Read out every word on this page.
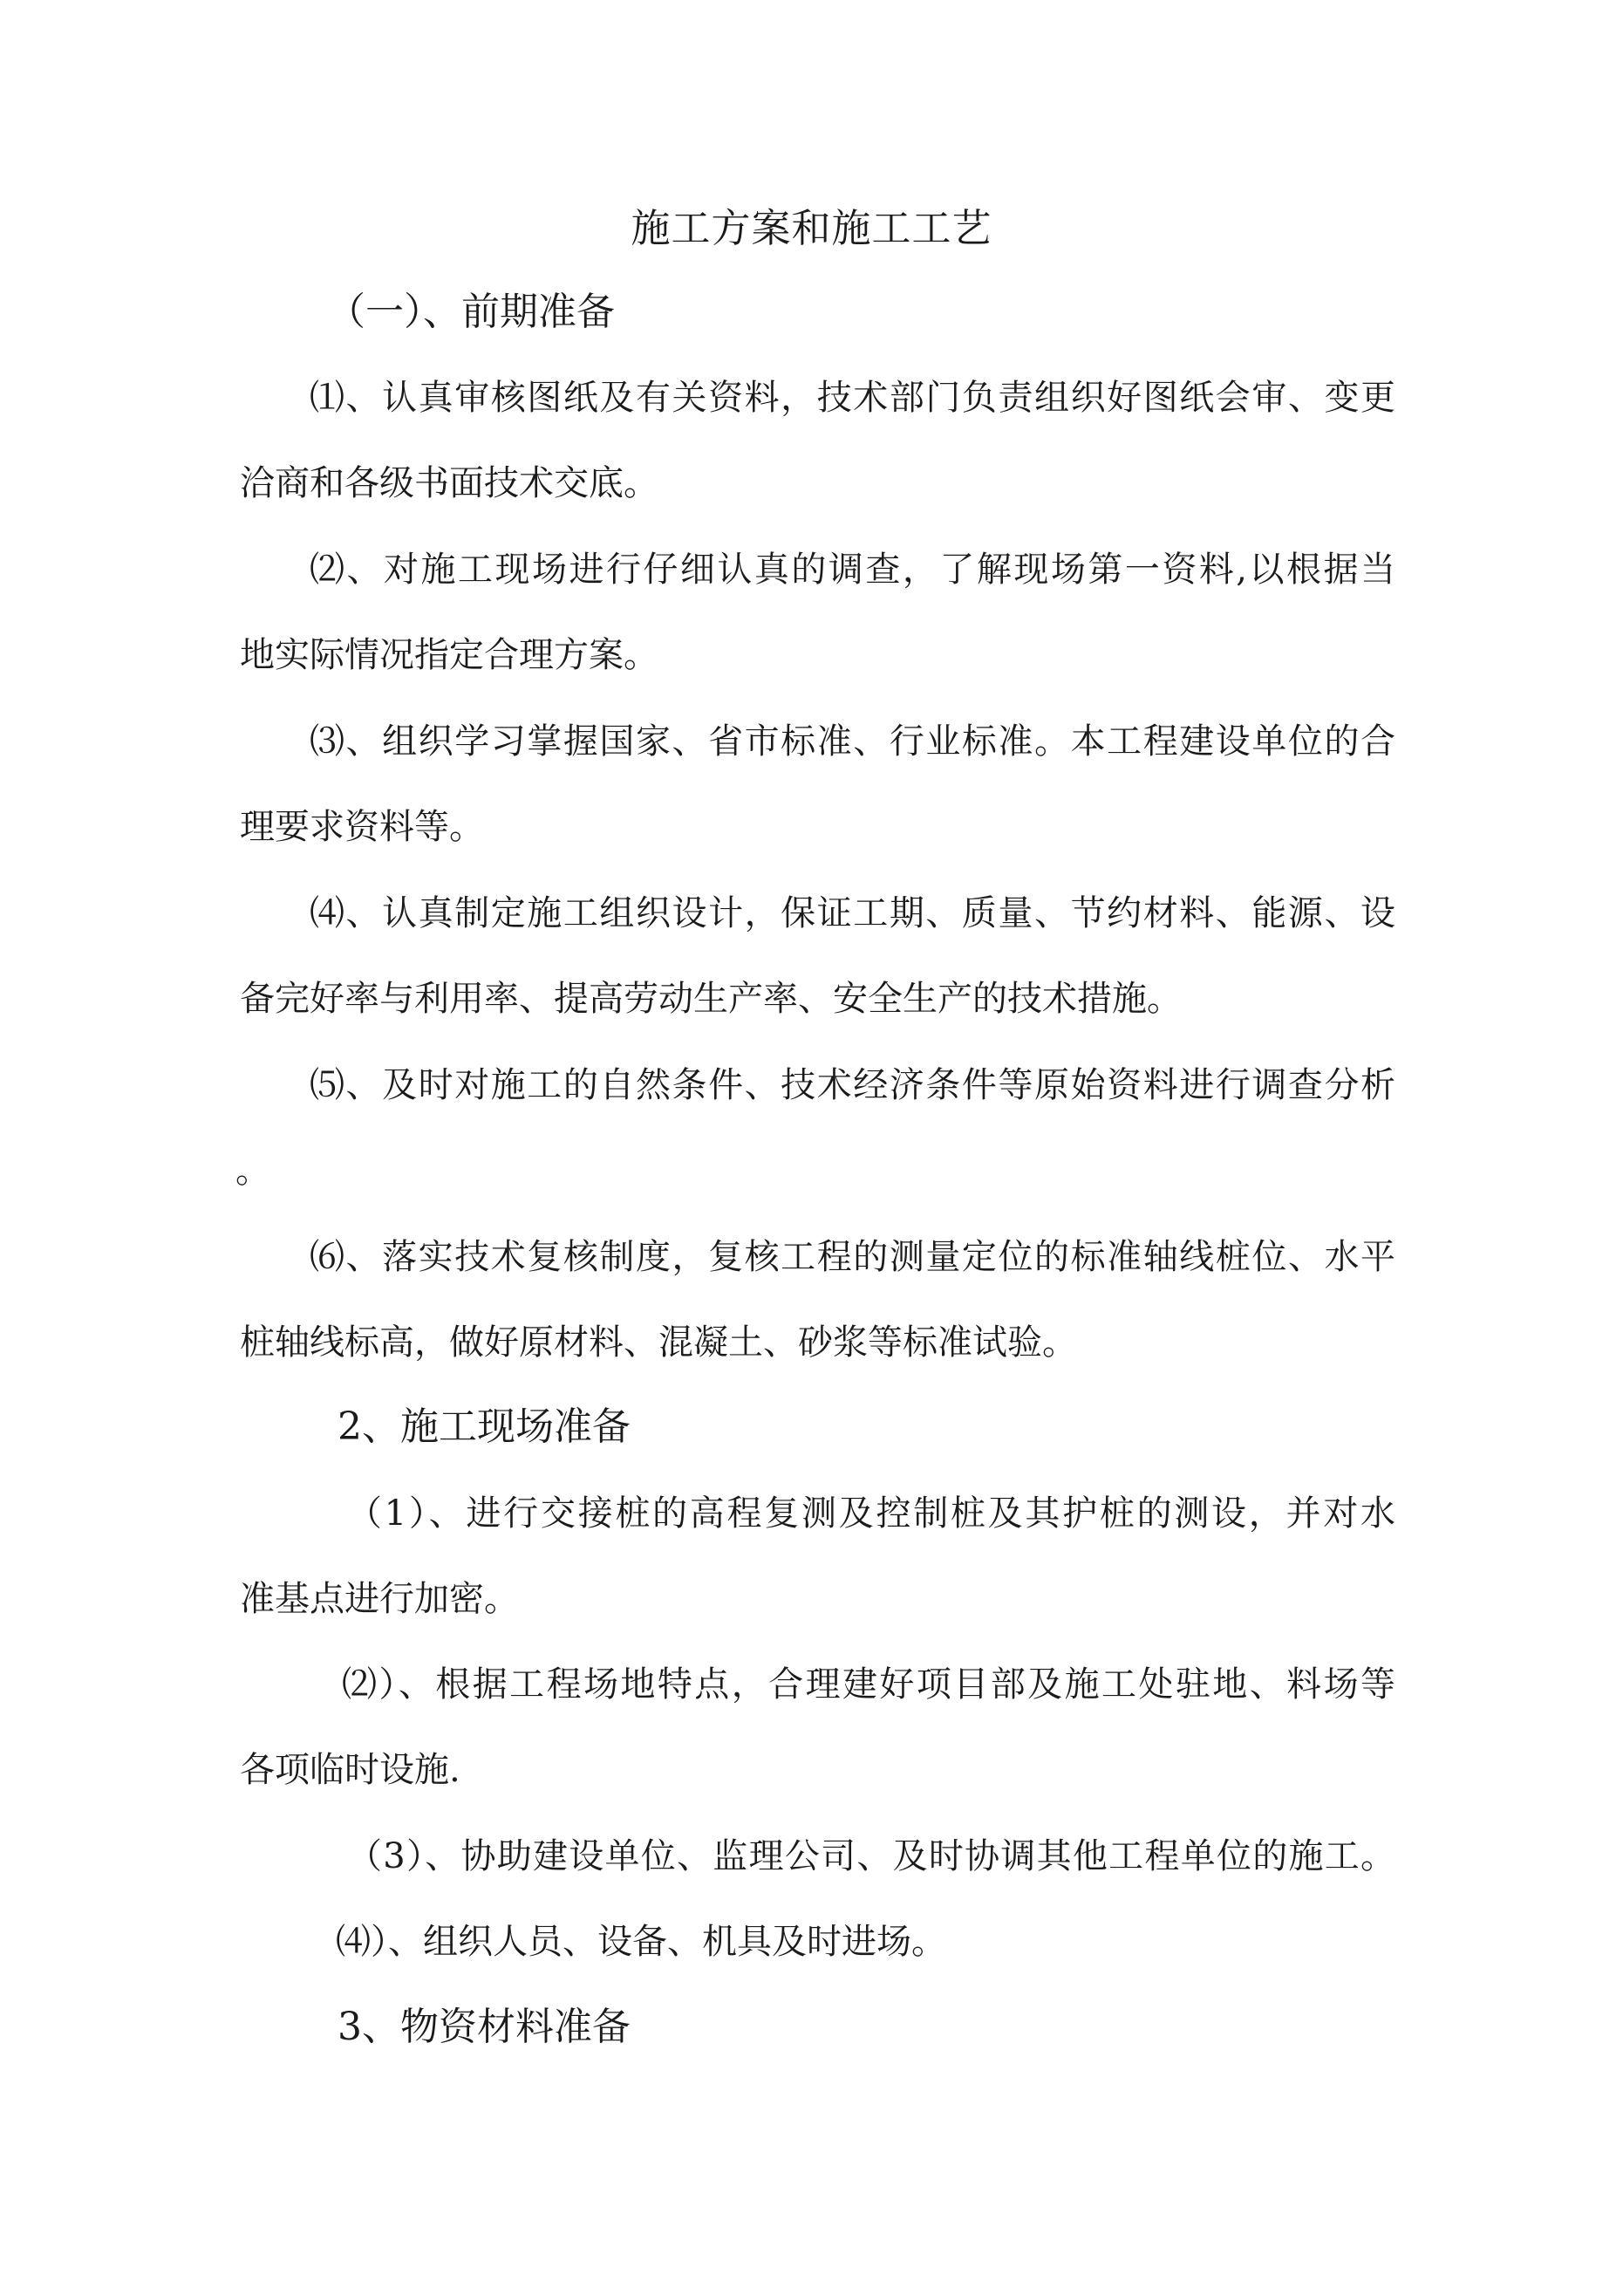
施工方案和施工工艺
（一）、前期准备
⑴、认真审核图纸及有关资料，技术部门负责组织好图纸会审、变更
洽商和各级书面技术交底。
⑵、对施工现场进行仔细认真的调查，了解现场第一资料,以根据当
地实际情况指定合理方案。
⑶、组织学习掌握国家、省市标准、行业标准。本工程建设单位的合
理要求资料等。
⑷、认真制定施工组织设计，保证工期、质量、节约材料、能源、设
备完好率与利用率、提高劳动生产率、安全生产的技术措施。
⑸、及时对施工的自然条件、技术经济条件等原始资料进行调查分析
。
⑹、落实技术复核制度，复核工程的测量定位的标准轴线桩位、水平
桩轴线标高，做好原材料、混凝土、砂浆等标准试验。
2、施工现场准备
（1）、进行交接桩的高程复测及控制桩及其护桩的测设，并对水
准基点进行加密。
⑵）、根据工程场地特点，合理建好项目部及施工处驻地、料场等
各项临时设施.
（3）、协助建设单位、监理公司、及时协调其他工程单位的施工。
⑷）、组织人员、设备、机具及时进场。
3、物资材料准备
